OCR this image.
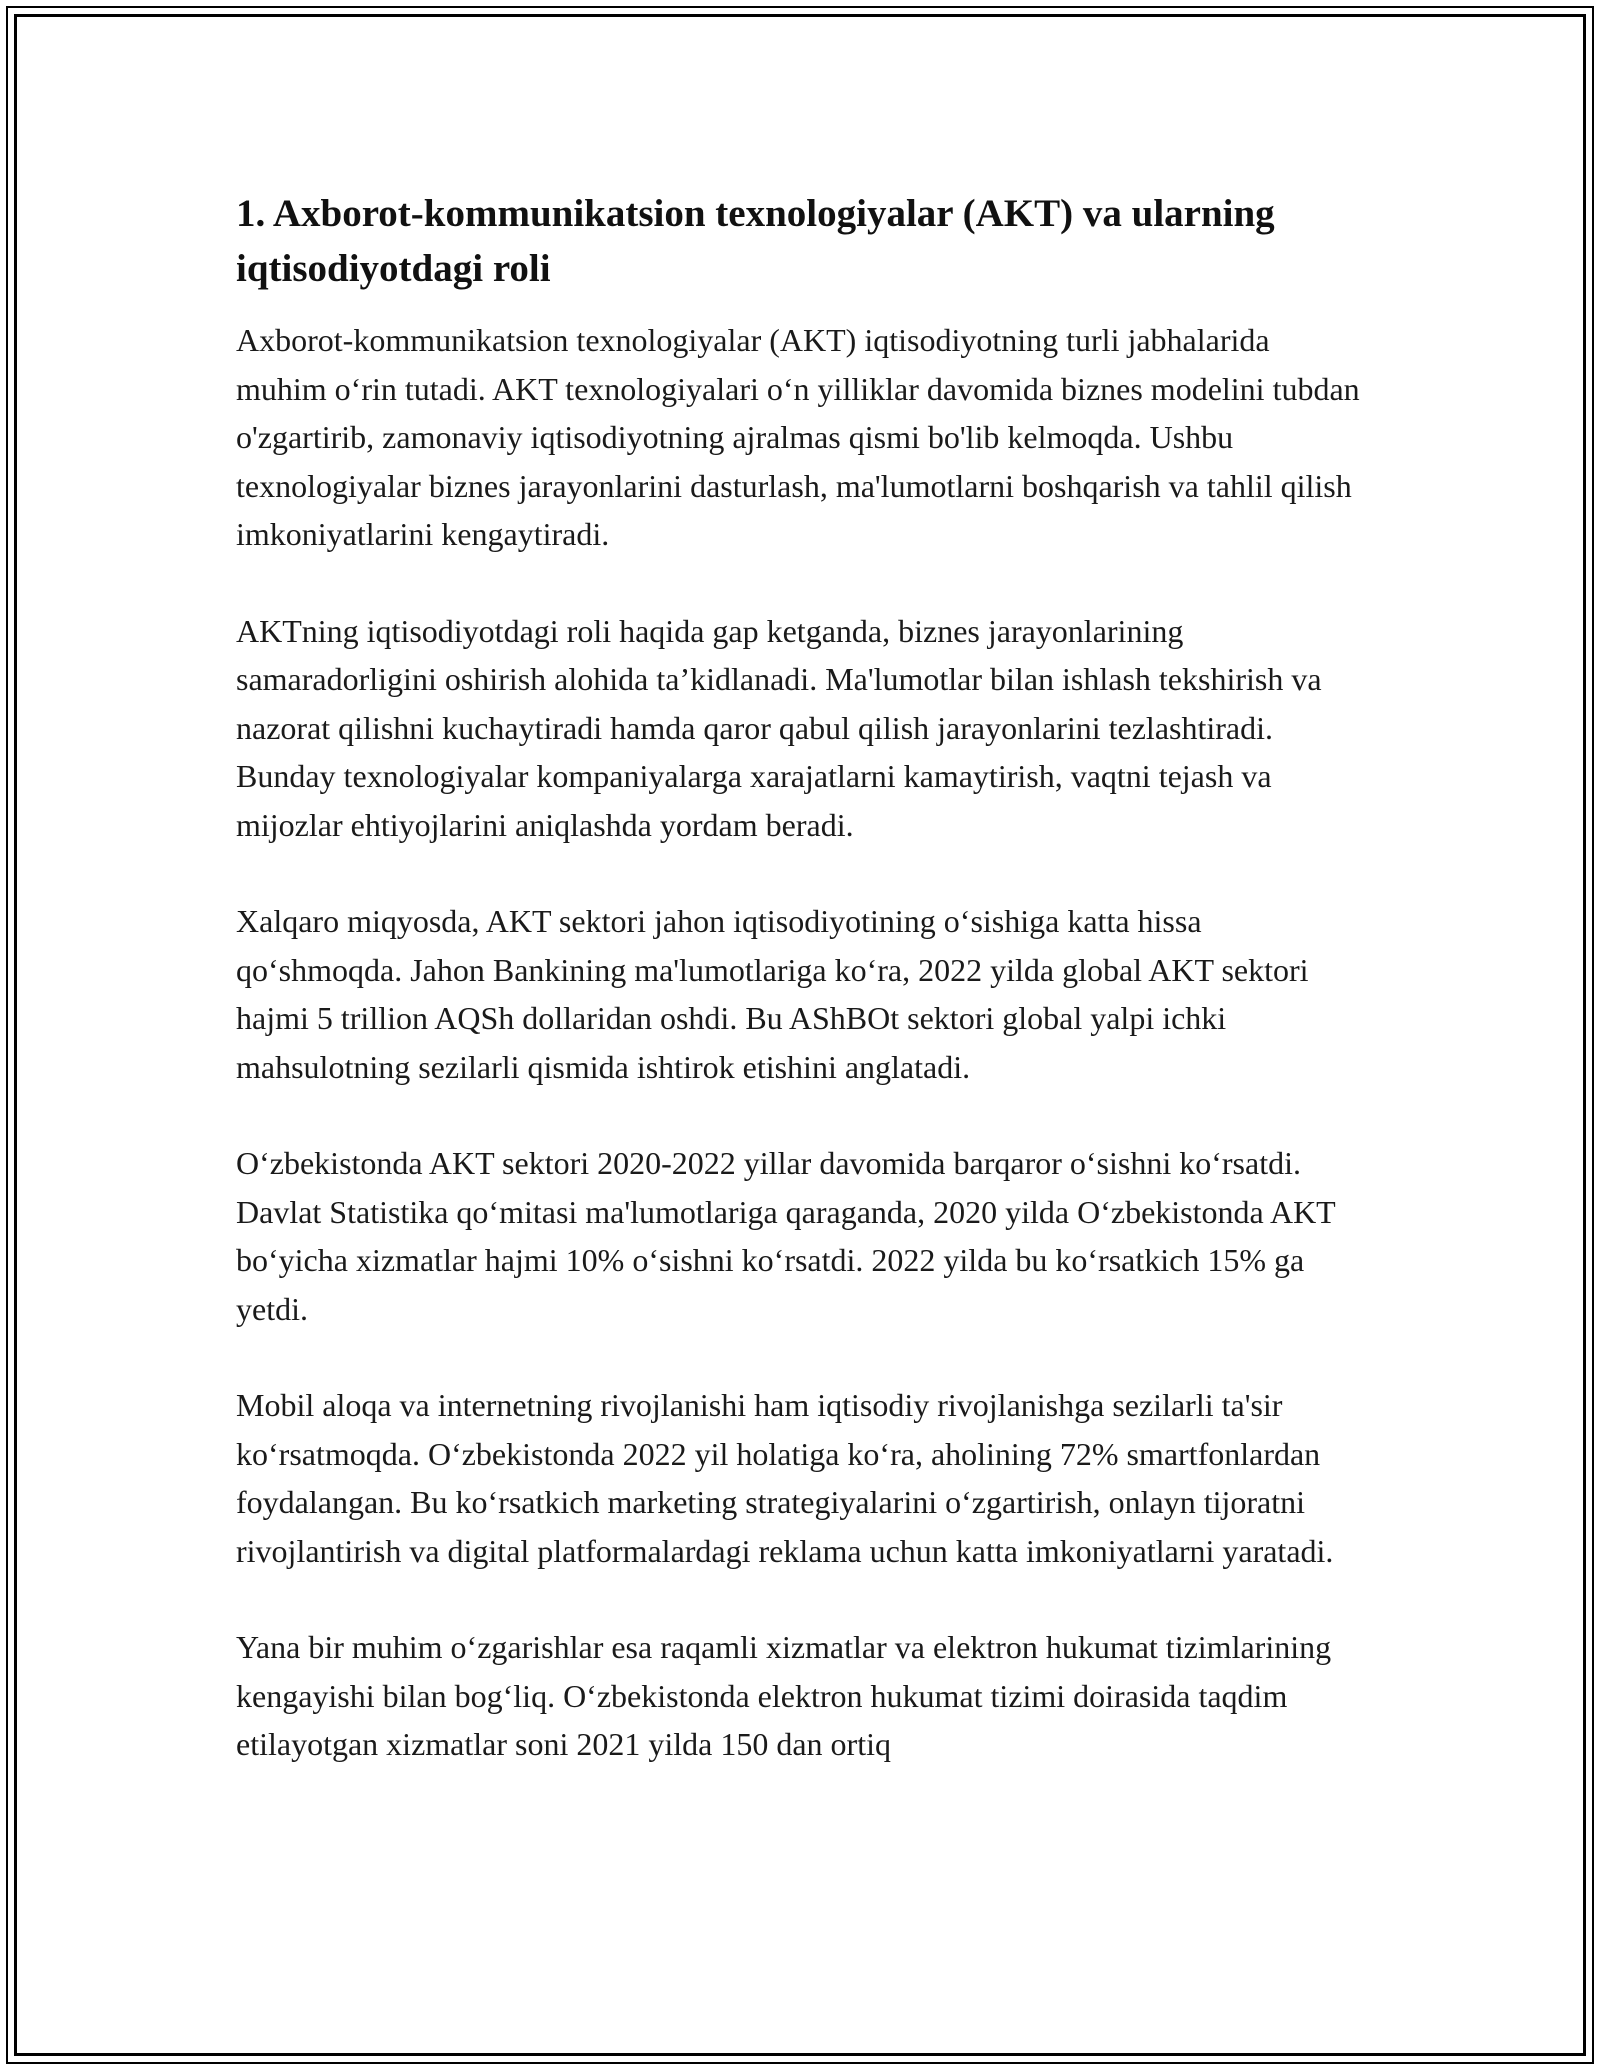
1. Axborot-kommunikatsion texnologiyalar (AKT) va ularning iqtisodiyotdagi roli

Axborot-kommunikatsion texnologiyalar (AKT) iqtisodiyotning turli jabhalarida muhim oʻrin tutadi. AKT texnologiyalari oʻn yilliklar davomida biznes modelini tubdan o'zgartirib, zamonaviy iqtisodiyotning ajralmas qismi bo'lib kelmoqda. Ushbu texnologiyalar biznes jarayonlarini dasturlash, ma'lumotlarni boshqarish va tahlil qilish imkoniyatlarini kengaytiradi.

AKTning iqtisodiyotdagi roli haqida gap ketganda, biznes jarayonlarining samaradorligini oshirish alohida ta’kidlanadi. Ma'lumotlar bilan ishlash tekshirish va nazorat qilishni kuchaytiradi hamda qaror qabul qilish jarayonlarini tezlashtiradi. Bunday texnologiyalar kompaniyalarga xarajatlarni kamaytirish, vaqtni tejash va mijozlar ehtiyojlarini aniqlashda yordam beradi.

Xalqaro miqyosda, AKT sektori jahon iqtisodiyotining oʻsishiga katta hissa qoʻshmoqda. Jahon Bankining ma'lumotlariga koʻra, 2022 yilda global AKT sektori hajmi 5 trillion AQSh dollaridan oshdi. Bu AShBOt sektori global yalpi ichki mahsulotning sezilarli qismida ishtirok etishini anglatadi.

Oʻzbekistonda AKT sektori 2020-2022 yillar davomida barqaror oʻsishni koʻrsatdi. Davlat Statistika qoʻmitasi ma'lumotlariga qaraganda, 2020 yilda Oʻzbekistonda AKT boʻyicha xizmatlar hajmi 10% oʻsishni koʻrsatdi. 2022 yilda bu koʻrsatkich 15% ga yetdi.

Mobil aloqa va internetning rivojlanishi ham iqtisodiy rivojlanishga sezilarli ta'sir koʻrsatmoqda. Oʻzbekistonda 2022 yil holatiga koʻra, aholining 72% smartfonlardan foydalangan. Bu koʻrsatkich marketing strategiyalarini oʻzgartirish, onlayn tijoratni rivojlantirish va digital platformalardagi reklama uchun katta imkoniyatlarni yaratadi.

Yana bir muhim oʻzgarishlar esa raqamli xizmatlar va elektron hukumat tizimlarining kengayishi bilan bogʻliq. Oʻzbekistonda elektron hukumat tizimi doirasida taqdim etilayotgan xizmatlar soni 2021 yilda 150 dan ortiq
